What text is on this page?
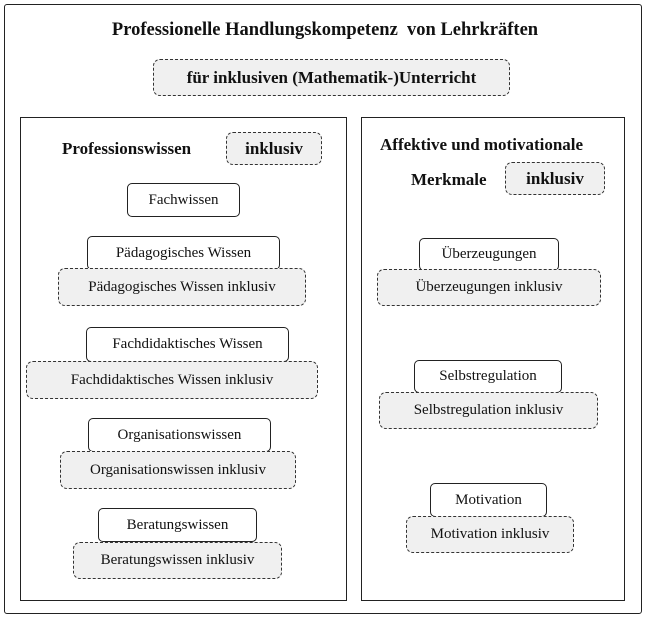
Professionelle Handlungskompetenz  von Lehrkräften
für inklusiven (Mathematik-)Unterricht
Professionswissen	inklusiv
Fachwissen
Pädagogisches Wissen
Pädagogisches Wissen inklusiv
Fachdidaktisches Wissen
Fachdidaktisches Wissen inklusiv
Organisationswissen
Organisationswissen inklusiv
Beratungswissen
Beratungswissen inklusiv
Affektive und motivationale
Merkmale	inklusiv
Überzeugungen
Überzeugungen inklusiv
Selbstregulation
Selbstregulation inklusiv
Motivation
Motivation inklusiv
